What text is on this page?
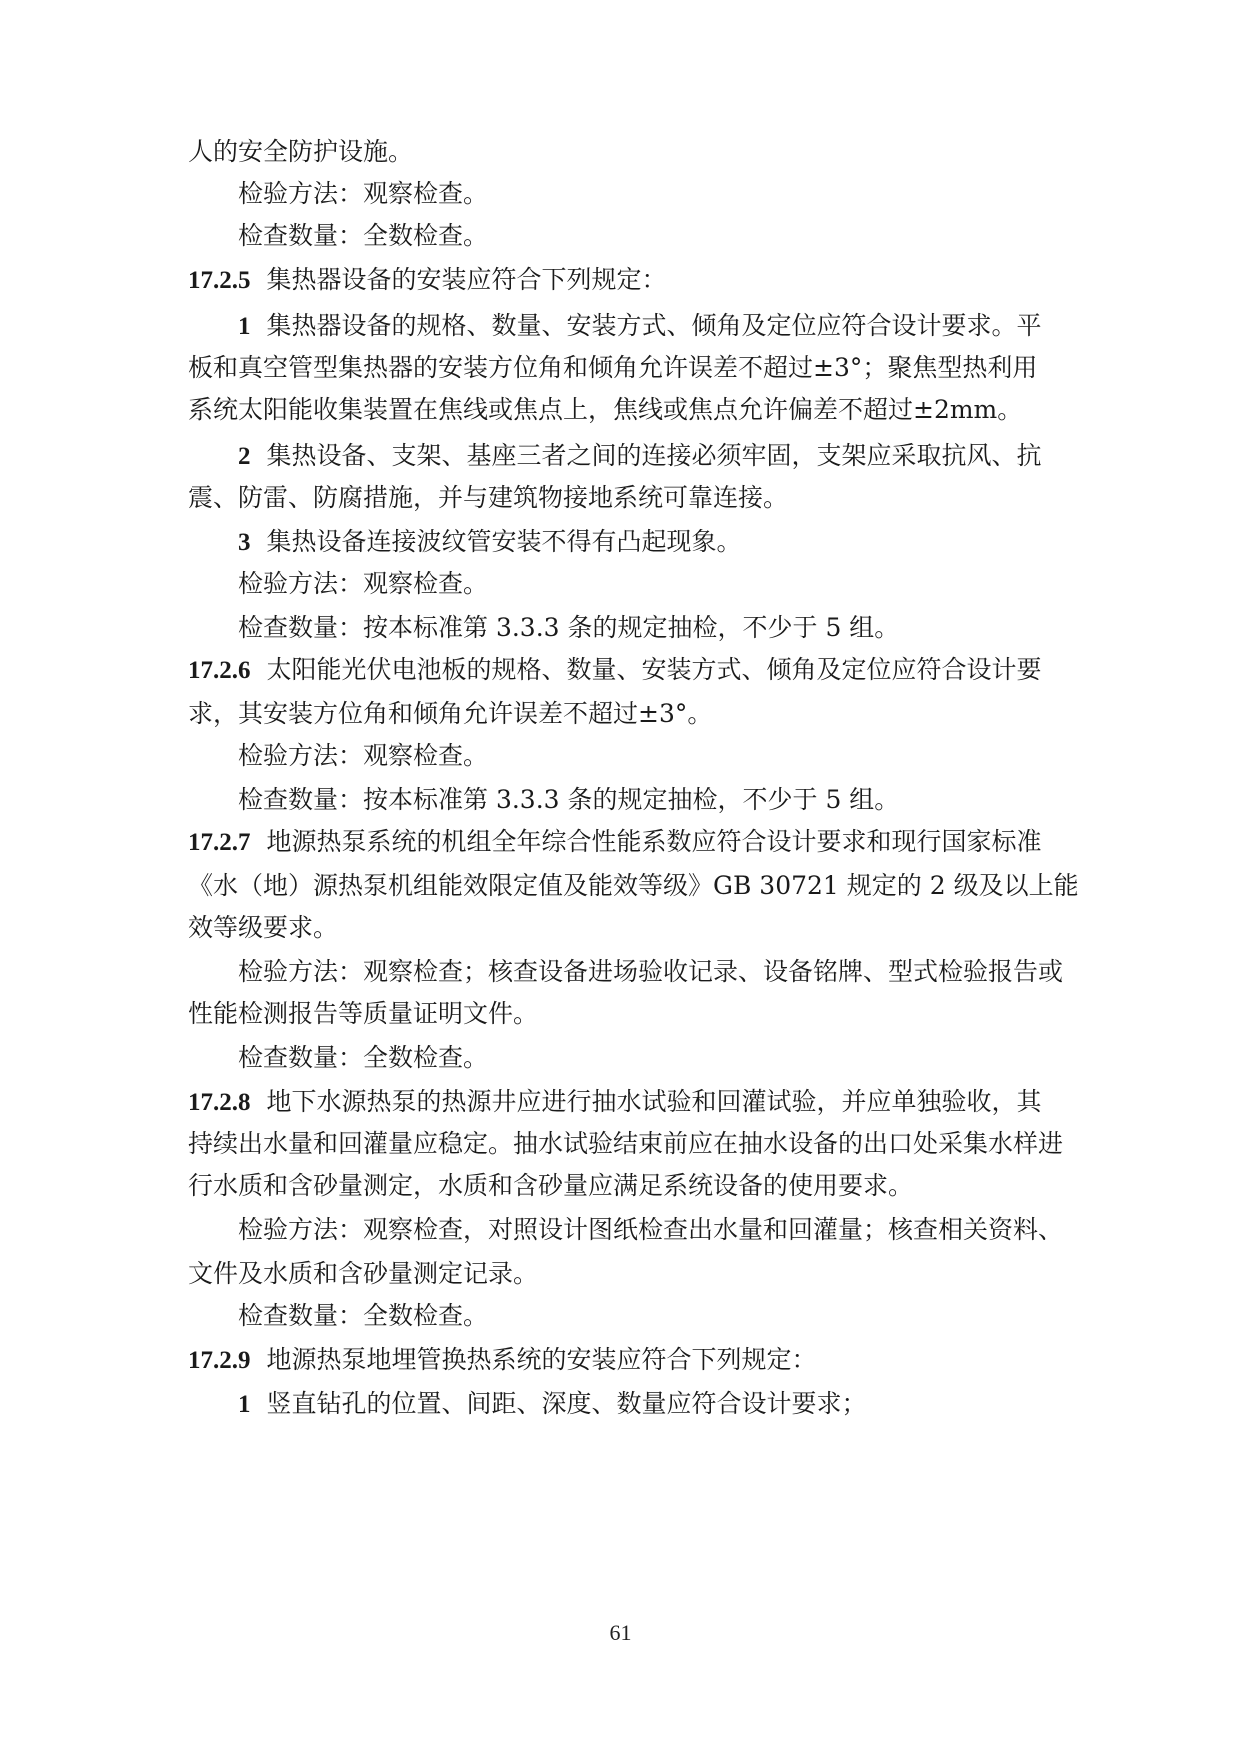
人的安全防护设施。
检验方法：观察检查。
检查数量：全数检查。
17.2.5 集热器设备的安装应符合下列规定：
1 集热器设备的规格、数量、安装方式、倾角及定位应符合设计要求。平
板和真空管型集热器的安装方位角和倾角允许误差不超过±3°；聚焦型热利用
系统太阳能收集装置在焦线或焦点上，焦线或焦点允许偏差不超过±2mm。
2 集热设备、支架、基座三者之间的连接必须牢固，支架应采取抗风、抗
震、防雷、防腐措施，并与建筑物接地系统可靠连接。
3 集热设备连接波纹管安装不得有凸起现象。
检验方法：观察检查。
检查数量：按本标准第 3.3.3 条的规定抽检，不少于 5 组。
17.2.6 太阳能光伏电池板的规格、数量、安装方式、倾角及定位应符合设计要
求，其安装方位角和倾角允许误差不超过±3°。
检验方法：观察检查。
检查数量：按本标准第 3.3.3 条的规定抽检，不少于 5 组。
17.2.7 地源热泵系统的机组全年综合性能系数应符合设计要求和现行国家标准
《水（地）源热泵机组能效限定值及能效等级》GB 30721 规定的 2 级及以上能
效等级要求。
检验方法：观察检查；核查设备进场验收记录、设备铭牌、型式检验报告或
性能检测报告等质量证明文件。
检查数量：全数检查。
17.2.8 地下水源热泵的热源井应进行抽水试验和回灌试验，并应单独验收，其
持续出水量和回灌量应稳定。抽水试验结束前应在抽水设备的出口处采集水样进
行水质和含砂量测定，水质和含砂量应满足系统设备的使用要求。
检验方法：观察检查，对照设计图纸检查出水量和回灌量；核查相关资料、
文件及水质和含砂量测定记录。
检查数量：全数检查。
17.2.9 地源热泵地埋管换热系统的安装应符合下列规定：
1 竖直钻孔的位置、间距、深度、数量应符合设计要求；
61
